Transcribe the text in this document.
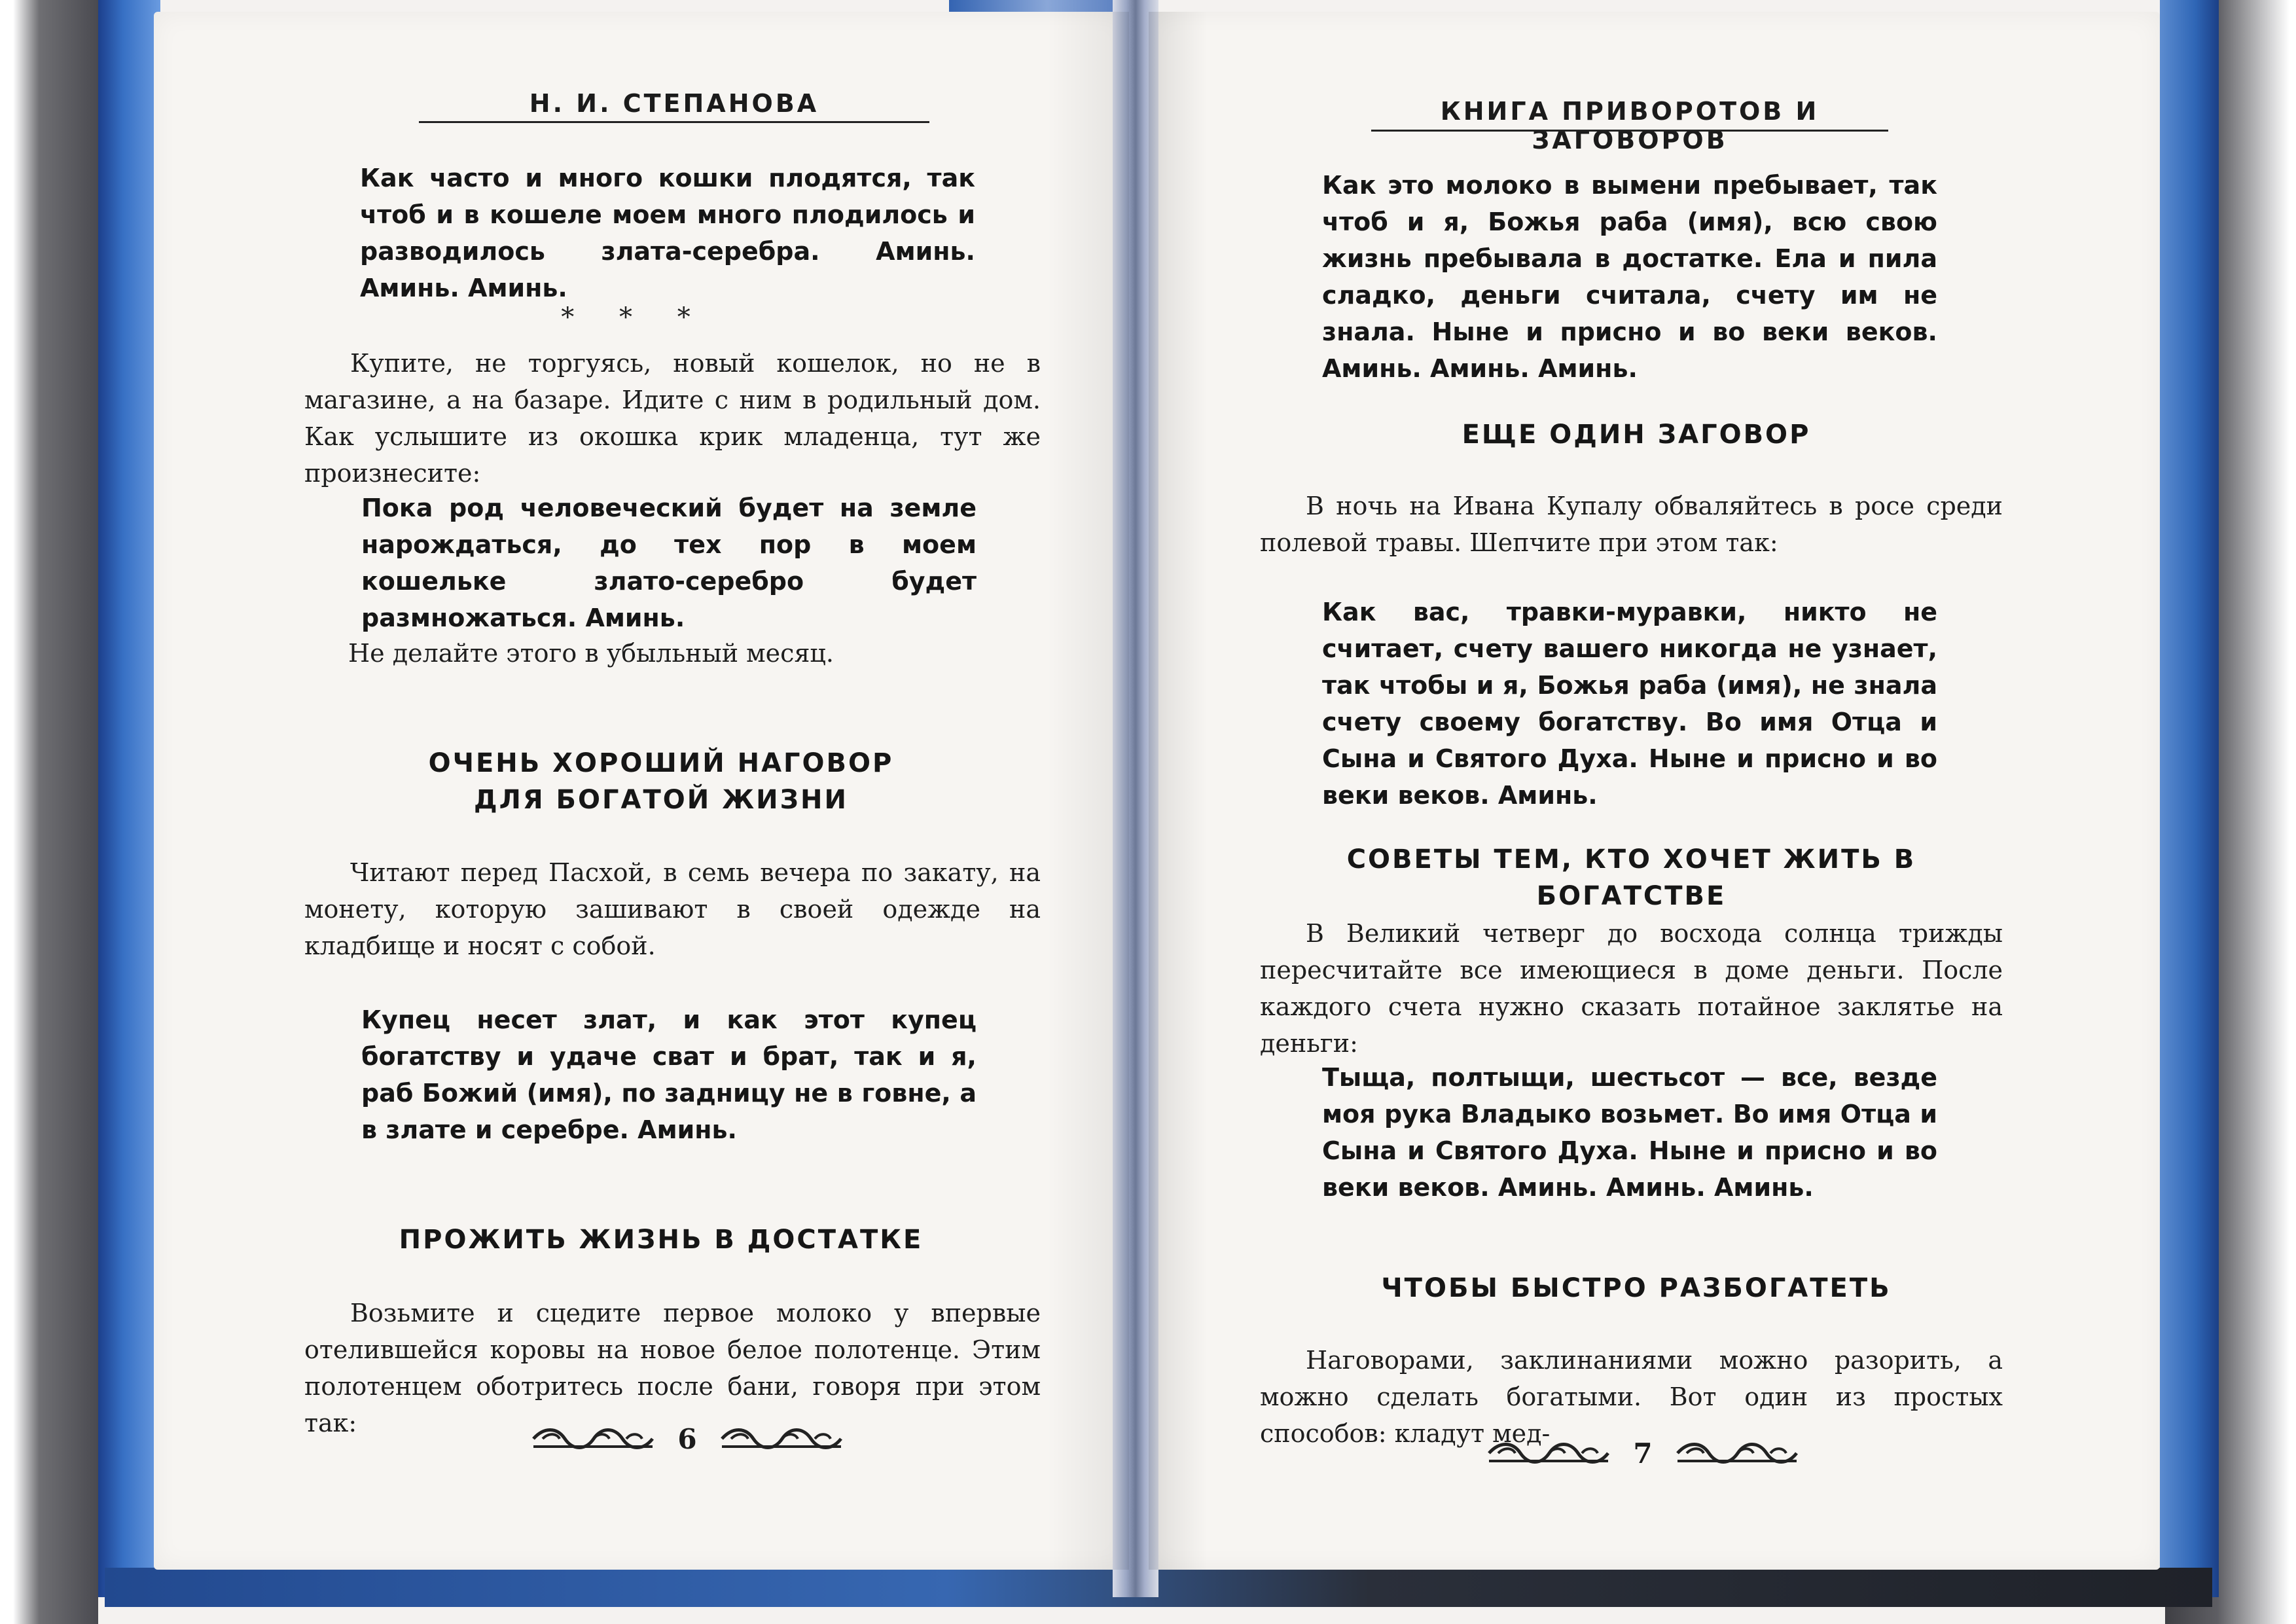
Н. И. СТЕПАНОВА

Как часто и много кошки плодятся, так чтоб и в кошеле моем много плодилось и разводилось злата-серебра. Аминь. Аминь. Аминь.

* * *

Купите, не торгуясь, новый кошелок, но не в магазине, а на базаре. Идите с ним в родильный дом. Как услышите из окошка крик младенца, тут же произнесите:

Пока род человеческий будет на земле нарождаться, до тех пор в моем кошельке злато-серебро будет размножаться. Аминь.

Не делайте этого в убыльный месяц.

ОЧЕНЬ ХОРОШИЙ НАГОВОР
ДЛЯ БОГАТОЙ ЖИЗНИ

Читают перед Пасхой, в семь вечера по закату, на монету, которую зашивают в своей одежде на кладбище и носят с собой.

Купец несет злат, и как этот купец богатству и удаче сват и брат, так и я, раб Божий (имя), по задницу не в говне, а в злате и серебре. Аминь.

ПРОЖИТЬ ЖИЗНЬ В ДОСТАТКЕ

Возьмите и сцедите первое молоко у впервые отелившейся коровы на новое белое полотенце. Этим полотенцем оботритесь после бани, говоря при этом так:	6
КНИГА ПРИВОРОТОВ И ЗАГОВОРОВ

Как это молоко в вымени пребывает, так чтоб и я, Божья раба (имя), всю свою жизнь пребывала в достатке. Ела и пила сладко, деньги считала, счету им не знала. Ныне и присно и во веки веков. Аминь. Аминь. Аминь.

ЕЩЕ ОДИН ЗАГОВОР

В ночь на Ивана Купалу обваляйтесь в росе среди полевой травы. Шепчите при этом так:

Как вас, травки-муравки, никто не считает, счету вашего никогда не узнает, так чтобы и я, Божья раба (имя), не знала счету своему богатству. Во имя Отца и Сына и Святого Духа. Ныне и присно и во веки веков. Аминь.

СОВЕТЫ ТЕМ, КТО ХОЧЕТ ЖИТЬ В БОГАТСТВЕ

В Великий четверг до восхода солнца трижды пересчитайте все имеющиеся в доме деньги. После каждого счета нужно сказать потайное заклятье на деньги:

Тыща, полтыщи, шестьсот — все, везде моя рука Владыко возьмет. Во имя Отца и Сына и Святого Духа. Ныне и присно и во веки веков. Аминь. Аминь. Аминь.

ЧТОБЫ БЫСТРО РАЗБОГАТЕТЬ

Наговорами, заклинаниями можно разорить, а можно сделать богатыми. Вот один из простых способов: кладут мед-

7
